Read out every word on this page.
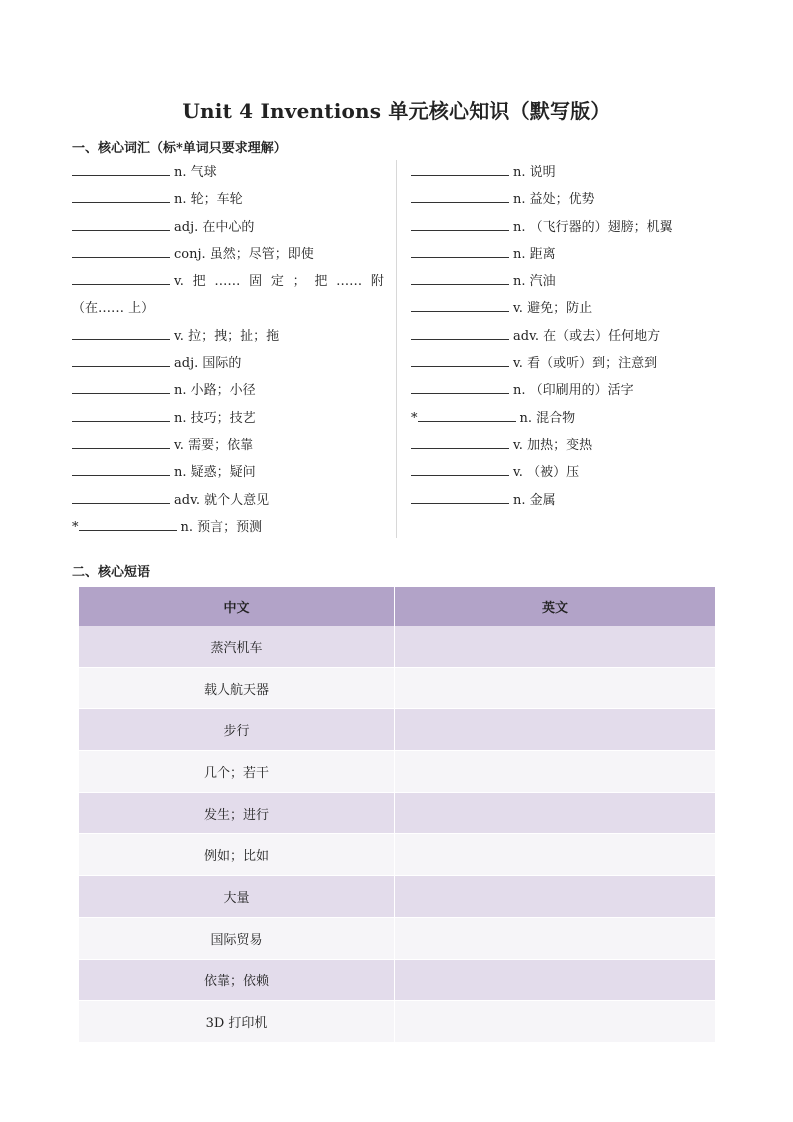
Unit 4 Inventions 单元核心知识（默写版）
一、核心词汇（标*单词只要求理解）
n. 气球
n. 轮；车轮
adj. 在中心的
conj. 虽然；尽管；即使
v. 把 …… 固 定 ； 把 …… 附
（在…… 上）
v. 拉；拽；扯；拖
adj. 国际的
n. 小路；小径
n. 技巧；技艺
v. 需要；依靠
n. 疑惑；疑问
adv. 就个人意见
*	n. 预言；预测
n. 说明
n. 益处；优势
n. （飞行器的）翅膀；机翼
n. 距离
n. 汽油
v. 避免；防止
adv. 在（或去）任何地方
v. 看（或听）到；注意到
n. （印刷用的）活字
*	n. 混合物
v. 加热；变热
v. （被）压
n. 金属
二、核心短语
中文	英文
蒸汽机车	
载人航天器	
步行	
几个；若干	
发生；进行	
例如；比如	
大量	
国际贸易	
依靠；依赖	
3D 打印机	
